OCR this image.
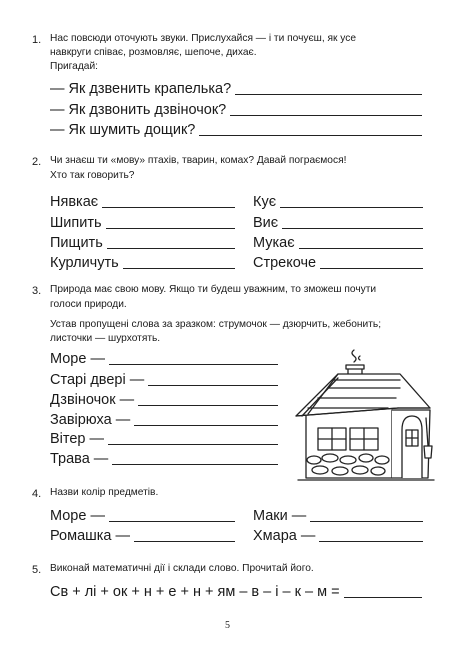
1. Нас повсюди оточують звуки. Прислухайся — і ти почуєш, як усе
навкруги співає, розмовляє, шепоче, дихає.
Пригадай:
— Як дзвенить крапелька?
— Як дзвонить дзвіночок?
— Як шумить дощик?
2. Чи знаєш ти «мову» птахів, тварин, комах? Давай пограємося!
Хто так говорить?
Нявкає
Шипить
Пищить
Курличуть
Кує
Виє
Мукає
Стрекоче
3. Природа має свою мову. Якщо ти будеш уважним, то зможеш почути
голоси природи.
Устав пропущені слова за зразком: струмочок — дзюрчить, жебонить;
листочки — шурхотять.
Море —
Старі двері —
Дзвіночок —
Завірюха —
Вітер —
Трава —
4. Назви колір предметів.
Море —
Ромашка —
Маки —
Хмара —
5. Виконай математичні дії і склади слово. Прочитай його.
Св + лі + ок + н + е + н + ям – в – і – к – м =
5
